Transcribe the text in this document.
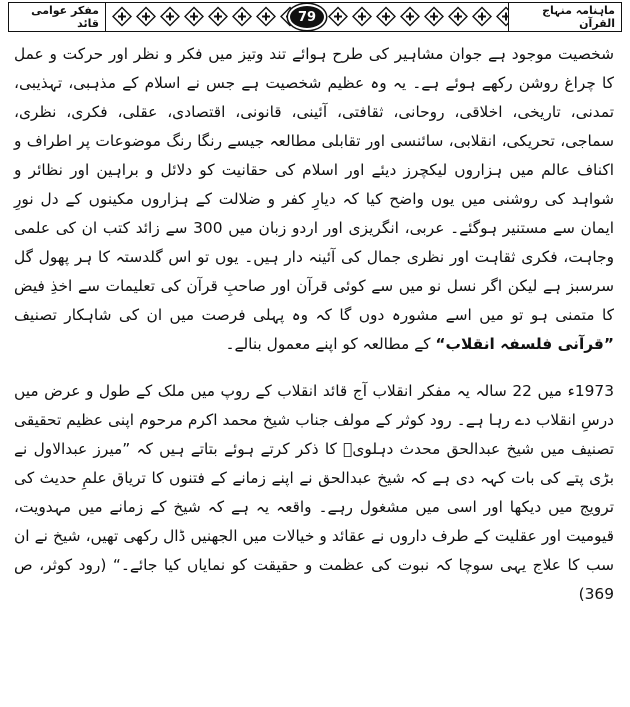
مفکر عوامی قائد	79	ماہنامہ منہاج القرآن

شخصیت موجود ہے جوان مشاہیر کی طرح ہوائے تند وتیز میں فکر و نظر اور حرکت و عمل کا چراغ روشن رکھے ہوئے ہے۔ یہ وہ عظیم شخصیت ہے جس نے اسلام کے مذہبی، تہذیبی، تمدنی، تاریخی، اخلاقی، روحانی، ثقافتی، آئینی، قانونی، اقتصادی، عقلی، فکری، نظری، سماجی، تحریکی، انقلابی، سائنسی اور تقابلی مطالعہ جیسے رنگا رنگ موضوعات پر اطراف و اکناف عالم میں ہزاروں لیکچرز دیئے اور اسلام کی حقانیت کو دلائل و براہین اور نظائر و شواہد کی روشنی میں یوں واضح کیا کہ دیارِ کفر و ضلالت کے ہزاروں مکینوں کے دل نورِ ایمان سے مستنیر ہوگئے۔ عربی، انگریزی اور اردو زبان میں 300 سے زائد کتب ان کی علمی وجاہت، فکری ثقاہت اور نظری جمال کی آئینہ دار ہیں۔ یوں تو اس گلدستہ کا ہر پھول گل سرسبز ہے لیکن اگر نسل نو میں سے کوئی قرآن اور صاحبِ قرآن کی تعلیمات سے اخذِ فیض کا متمنی ہو تو میں اسے مشورہ دوں گا کہ وہ پہلی فرصت میں ان کی شاہکار تصنیف ”قرآنی فلسفہ انقلاب“ کے مطالعہ کو اپنے معمول بنالے۔

1973ء میں 22 سالہ یہ مفکر انقلاب آج قائد انقلاب کے روپ میں ملک کے طول و عرض میں درسِ انقلاب دے رہا ہے۔ رود کوثر کے مولف جناب شیخ محمد اکرم مرحوم اپنی عظیم تحقیقی تصنیف میں شیخ عبدالحق محدث دہلویؒ کا ذکر کرتے ہوئے بتاتے ہیں کہ ”میرز عبدالاول نے بڑی پتے کی بات کہہ دی ہے کہ شیخ عبدالحق نے اپنے زمانے کے فتنوں کا تریاق علمِ حدیث کی ترویج میں دیکھا اور اسی میں مشغول رہے۔ واقعہ یہ ہے کہ شیخ کے زمانے میں مہدویت، قیومیت اور عقلیت کے طرف داروں نے عقائد و خیالات میں الجھنیں ڈال رکھی تھیں، شیخ نے ان سب کا علاج یہی سوچا کہ نبوت کی عظمت و حقیقت کو نمایاں کیا جائے۔“ (رود کوثر، ص 369)
